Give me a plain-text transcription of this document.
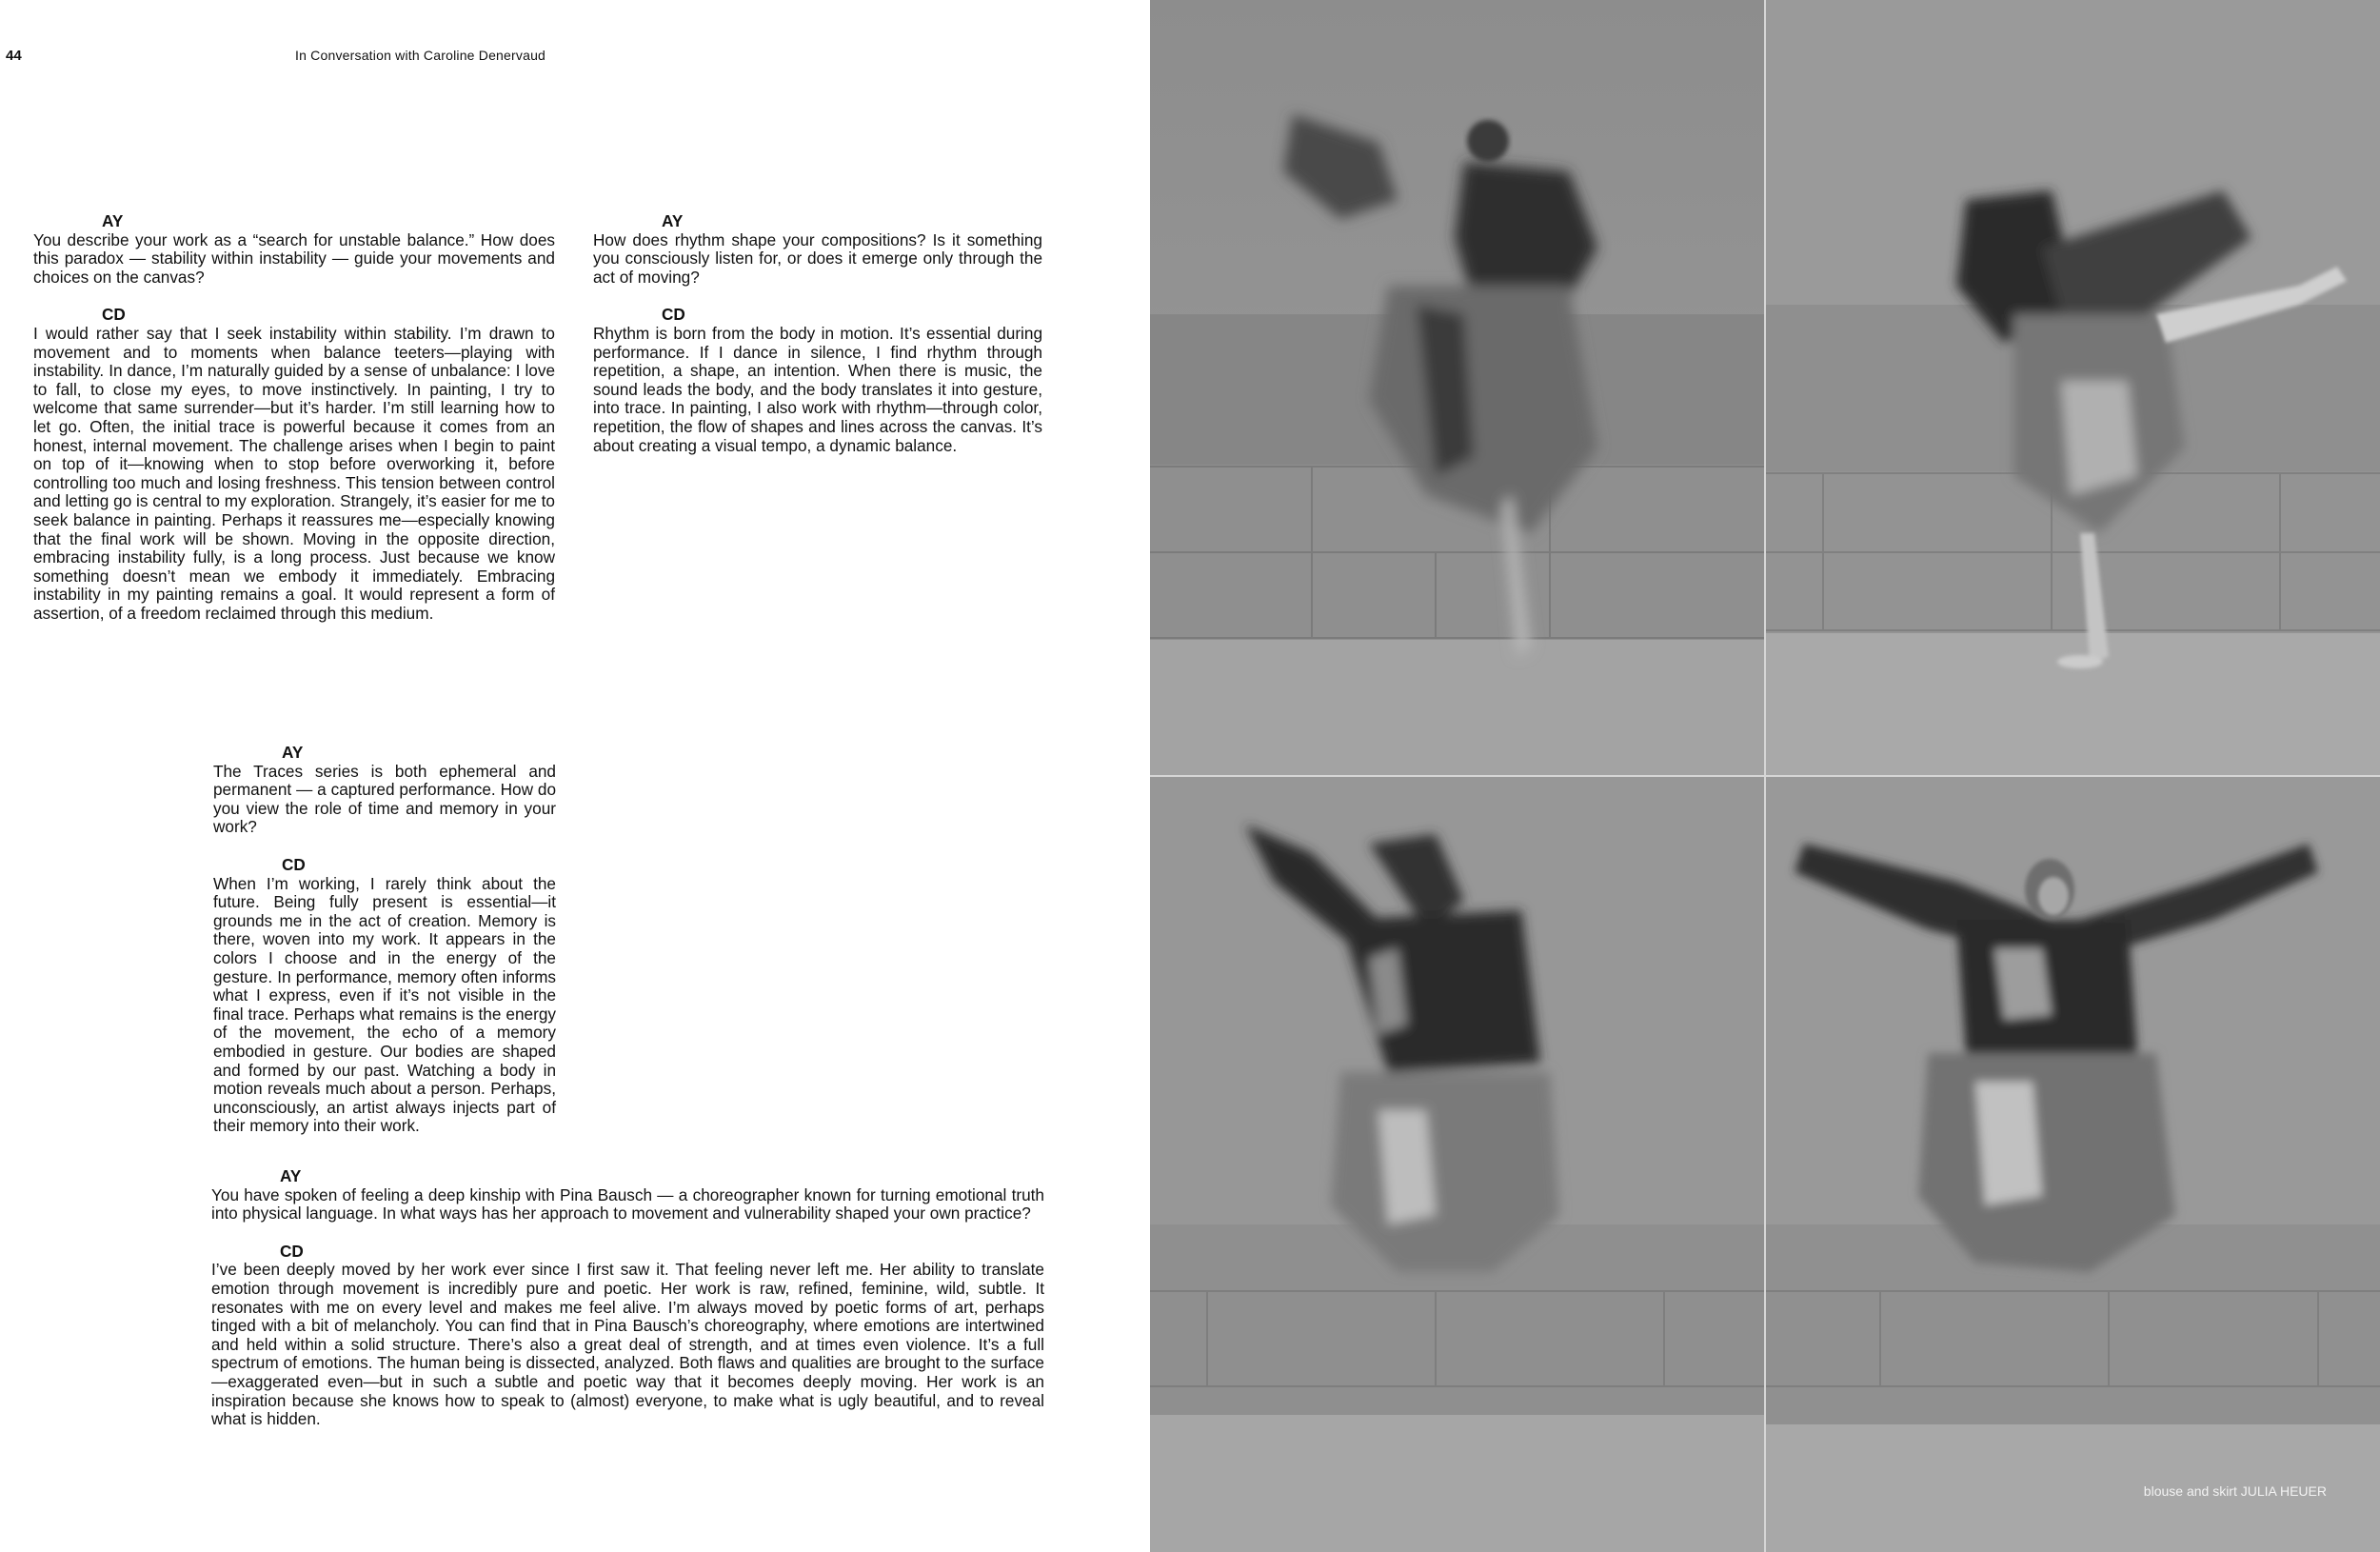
44	In Conversation with Caroline Denervaud
AY

You describe your work as a “search for unstable balance.” How does this paradox — stability within instability — guide your movements and choices on the canvas?

CD

I would rather say that I seek instability within stability. I’m drawn to movement and to moments when balance teeters—playing with instability. In dance, I’m naturally guided by a sense of unbalance: I love to fall, to close my eyes, to move instinctively. In painting, I try to welcome that same surrender—but it’s harder. I’m still learning how to let go. Often, the initial trace is powerful because it comes from an honest, internal movement. The challenge arises when I begin to paint on top of it—knowing when to stop before overworking it, before controlling too much and losing freshness. This tension between control and letting go is central to my exploration. Strangely, it’s easier for me to seek balance in painting. Perhaps it reassures me—especially knowing that the final work will be shown. Moving in the opposite direction, embracing instability fully, is a long process. Just because we know something doesn’t mean we embody it immediately. Embracing instability in my painting remains a goal. It would represent a form of assertion, of a freedom reclaimed through this medium.

AY

How does rhythm shape your compositions? Is it something you consciously listen for, or does it emerge only through the act of moving?

CD

Rhythm is born from the body in motion. It’s essential during performance. If I dance in silence, I find rhythm through repetition, a shape, an intention. When there is music, the sound leads the body, and the body translates it into gesture, into trace. In painting, I also work with rhythm—through color, repetition, the flow of shapes and lines across the canvas. It’s about creating a visual tempo, a dynamic balance.

AY

The Traces series is both ephemeral and permanent — a captured performance. How do you view the role of time and memory in your work?

CD

When I’m working, I rarely think about the future. Being fully present is essential—it grounds me in the act of creation. Memory is there, woven into my work. It appears in the colors I choose and in the energy of the gesture. In performance, memory often informs what I express, even if it’s not visible in the final trace. Perhaps what remains is the energy of the movement, the echo of a memory embodied in gesture. Our bodies are shaped and formed by our past. Watching a body in motion reveals much about a person. Perhaps, unconsciously, an artist always injects part of their memory into their work.

AY

You have spoken of feeling a deep kinship with Pina Bausch — a choreographer known for turning emotional truth into physical language. In what ways has her approach to movement and vulnerability shaped your own practice?

CD

I’ve been deeply moved by her work ever since I first saw it. That feeling never left me. Her ability to translate emotion through movement is incredibly pure and poetic. Her work is raw, refined, feminine, wild, subtle. It resonates with me on every level and makes me feel alive. I’m always moved by poetic forms of art, perhaps tinged with a bit of melancholy. You can find that in Pina Bausch’s choreography, where emotions are intertwined and held within a solid structure. There’s also a great deal of strength, and at times even violence. It’s a full spectrum of emotions. The human being is dissected, analyzed. Both flaws and qualities are brought to the surface—exaggerated even—but in such a subtle and poetic way that it becomes deeply moving. Her work is an inspiration because she knows how to speak to (almost) everyone, to make what is ugly beautiful, and to reveal what is hidden.

blouse and skirt JULIA HEUER
